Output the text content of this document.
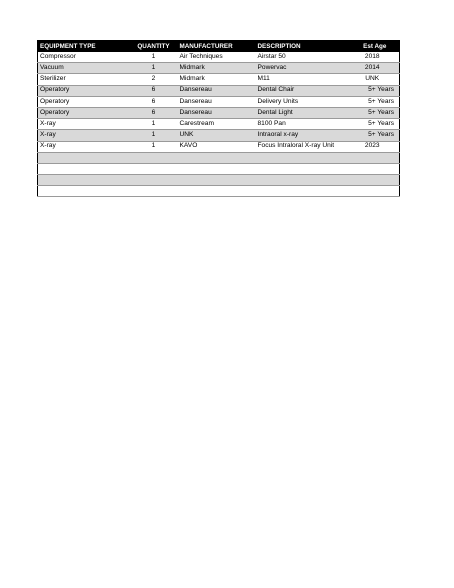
EQUIPMENT TYPE	QUANTITY	MANUFACTURER	DESCRIPTION	Est Age
Compressor	1	Air Techniques	Airstar 50	2018
Vacuum	1	Midmark	Powervac	2014
Sterilizer	2	Midmark	M11	UNK
Operatory	6	Dansereau	Dental Chair	5+ Years
Operatory	6	Dansereau	Delivery Units	5+ Years
Operatory	6	Dansereau	Dental Light	5+ Years
X-ray	1	Carestream	8100 Pan	5+ Years
X-ray	1	UNK	Intraoral x-ray	5+ Years
X-ray	1	KAVO	Focus Intraloral X-ray Unit	2023
